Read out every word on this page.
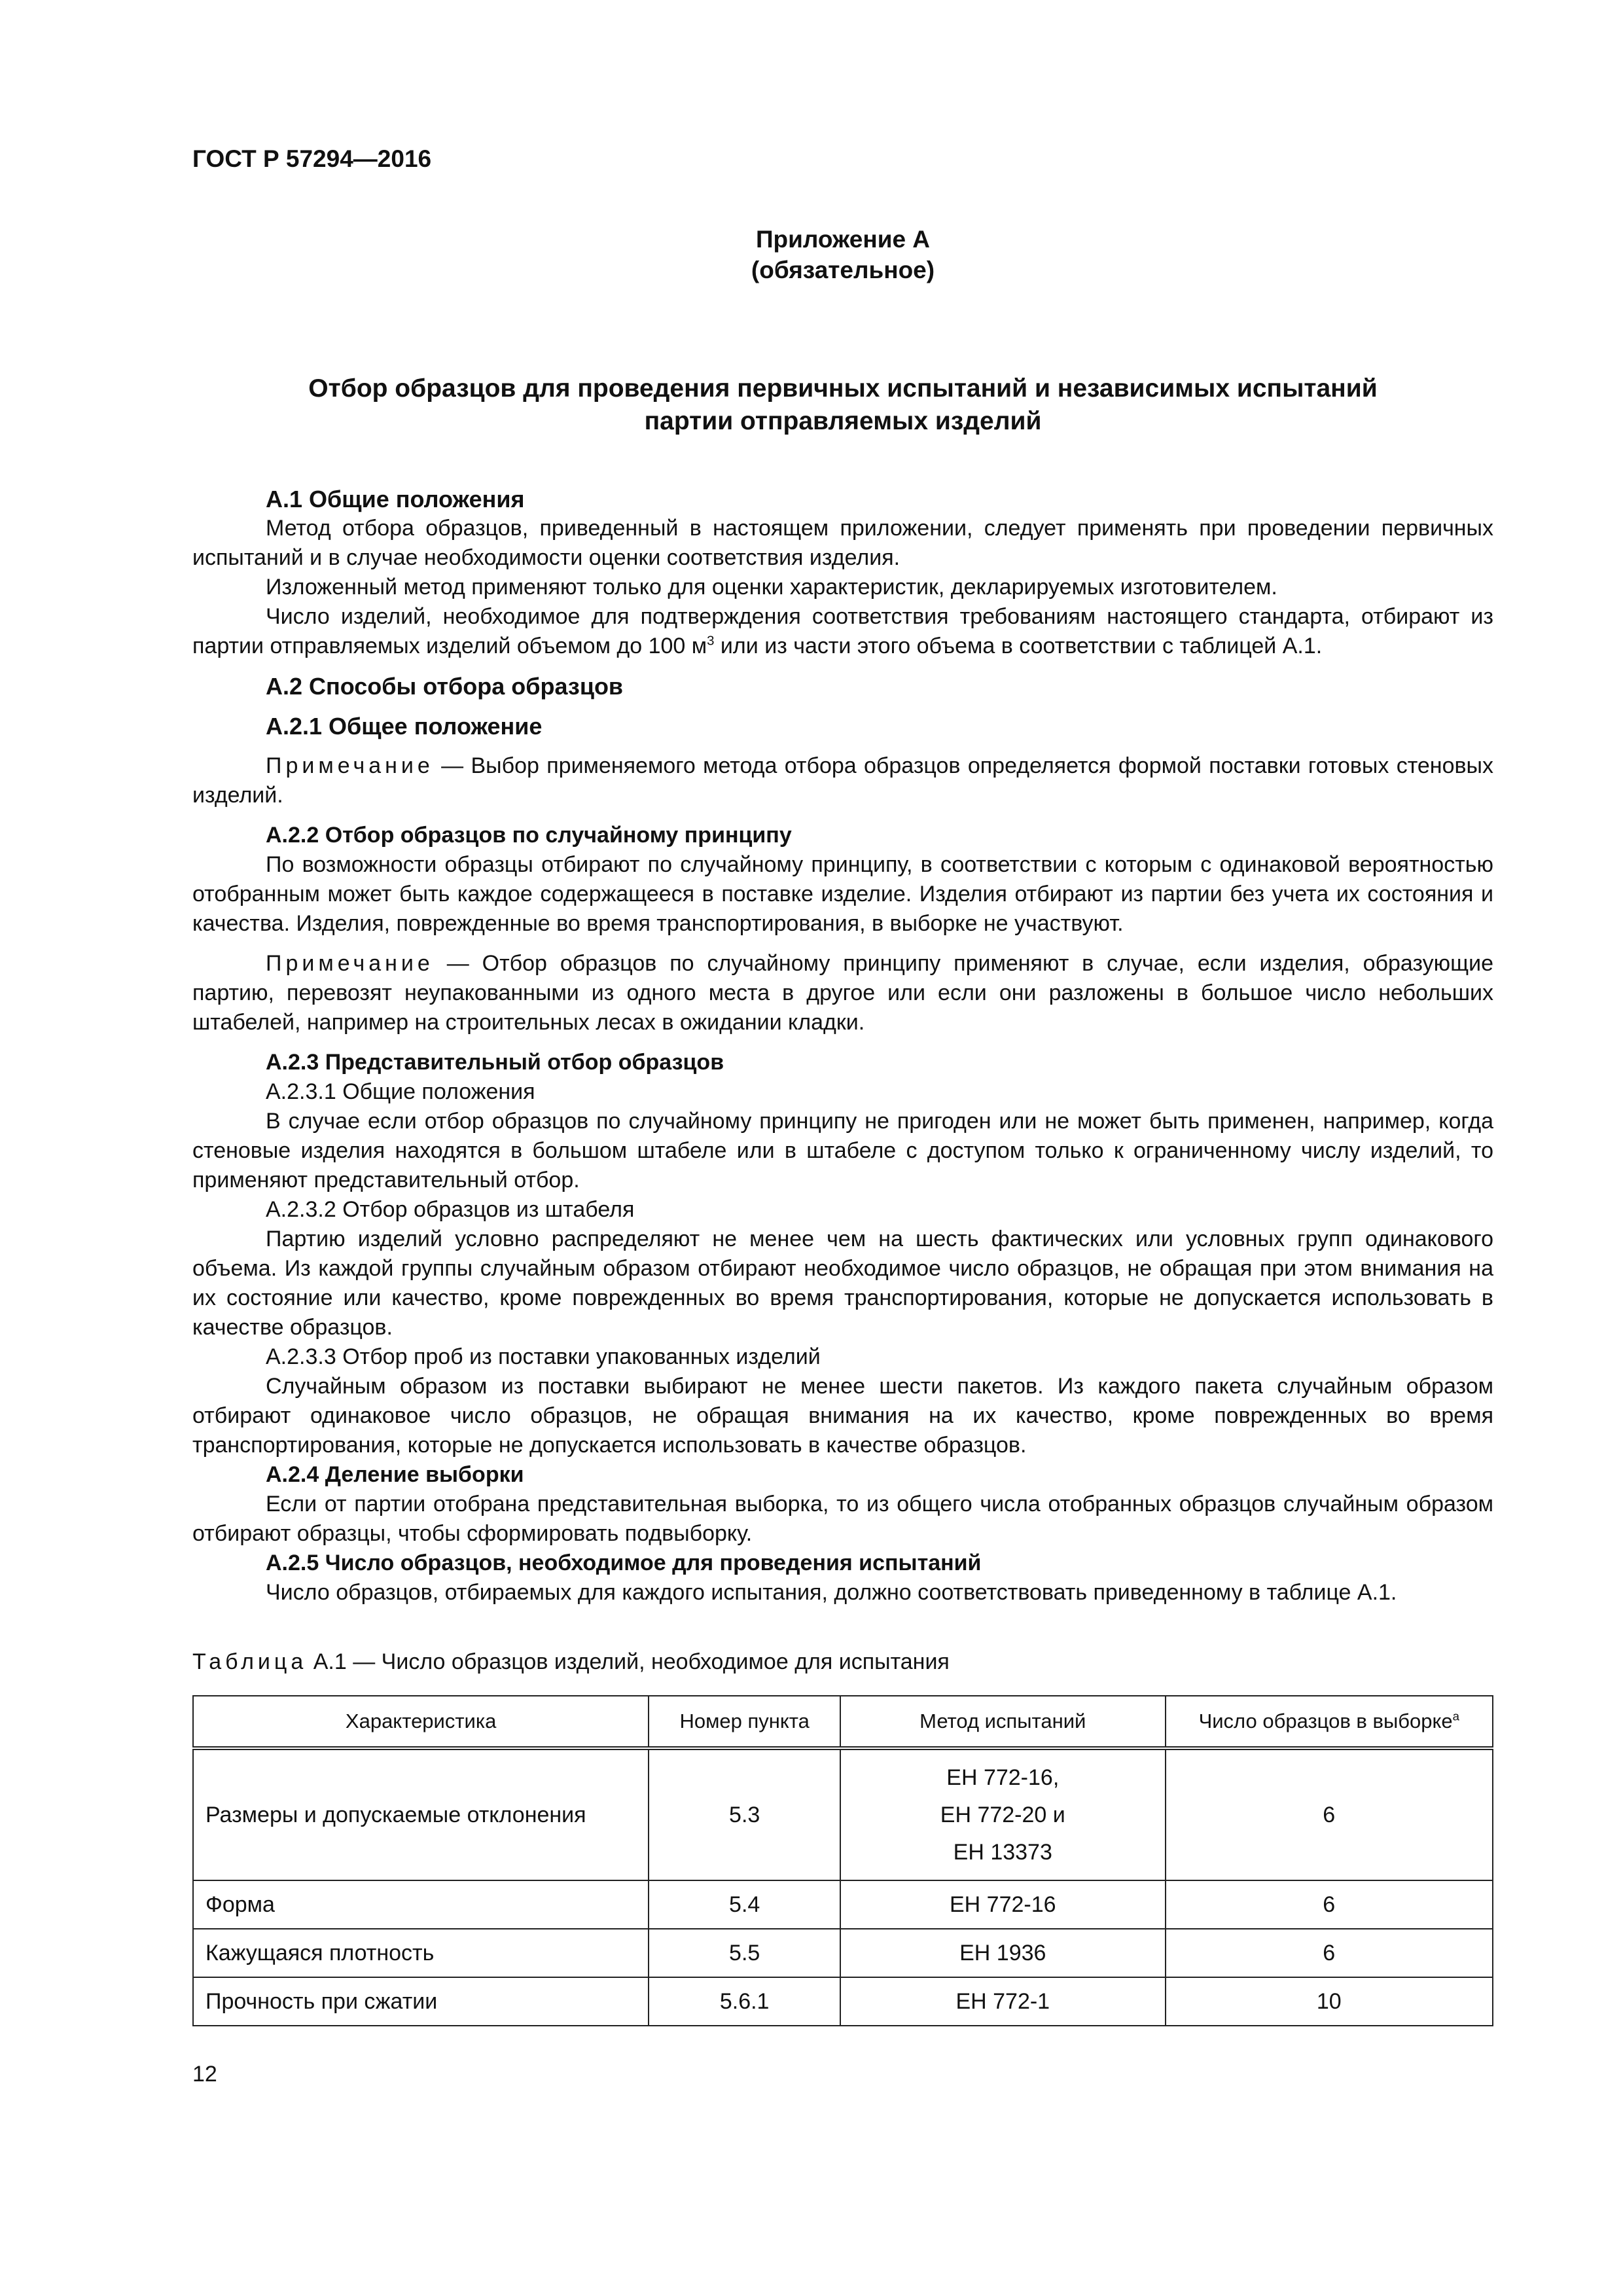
ГОСТ Р 57294—2016
Приложение А
(обязательное)
Отбор образцов для проведения первичных испытаний и независимых испытаний
партии отправляемых изделий

А.1 Общие положения

Метод отбора образцов, приведенный в настоящем приложении, следует применять при проведении первичных испытаний и в случае необходимости оценки соответствия изделия.

Изложенный метод применяют только для оценки характеристик, декларируемых изготовителем.

Число изделий, необходимое для подтверждения соответствия требованиям настоящего стандарта, отбирают из партии отправляемых изделий объемом до 100 $м^3$ или из части этого объема в соответствии с таблицей А.1.

А.2 Способы отбора образцов

А.2.1 Общее положение

Примечание — Выбор применяемого метода отбора образцов определяется формой поставки готовых стеновых изделий.

А.2.2 Отбор образцов по случайному принципу

По возможности образцы отбирают по случайному принципу, в соответствии с которым с одинаковой вероятностью отобранным может быть каждое содержащееся в поставке изделие. Изделия отбирают из партии без учета их состояния и качества. Изделия, поврежденные во время транспортирования, в выборке не участвуют.

Примечание — Отбор образцов по случайному принципу применяют в случае, если изделия, образующие партию, перевозят неупакованными из одного места в другое или если они разложены в большое число небольших штабелей, например на строительных лесах в ожидании кладки.

А.2.3 Представительный отбор образцов

А.2.3.1 Общие положения

В случае если отбор образцов по случайному принципу не пригоден или не может быть применен, например, когда стеновые изделия находятся в большом штабеле или в штабеле с доступом только к ограниченному числу изделий, то применяют представительный отбор.

А.2.3.2 Отбор образцов из штабеля

Партию изделий условно распределяют не менее чем на шесть фактических или условных групп одинакового объема. Из каждой группы случайным образом отбирают необходимое число образцов, не обращая при этом внимания на их состояние или качество, кроме поврежденных во время транспортирования, которые не допускается использовать в качестве образцов.

А.2.3.3 Отбор проб из поставки упакованных изделий

Случайным образом из поставки выбирают не менее шести пакетов. Из каждого пакета случайным образом отбирают одинаковое число образцов, не обращая внимания на их качество, кроме поврежденных во время транспортирования, которые не допускается использовать в качестве образцов.

А.2.4 Деление выборки

Если от партии отобрана представительная выборка, то из общего числа отобранных образцов случайным образом отбирают образцы, чтобы сформировать подвыборку.

А.2.5 Число образцов, необходимое для проведения испытаний

Число образцов, отбираемых для каждого испытания, должно соответствовать приведенному в таблице А.1.

Таблица А.1 — Число образцов изделий, необходимое для испытания
Характеристика	Номер пункта	Метод испытаний	Число образцов в выборке$^а$
Размеры и допускаемые отклонения	5.3	ЕН 772-16,
ЕН 772-20 и
ЕН 13373	6
Форма	5.4	ЕН 772-16	6
Кажущаяся плотность	5.5	ЕН 1936	6
Прочность при сжатии	5.6.1	ЕН 772-1	10
12
